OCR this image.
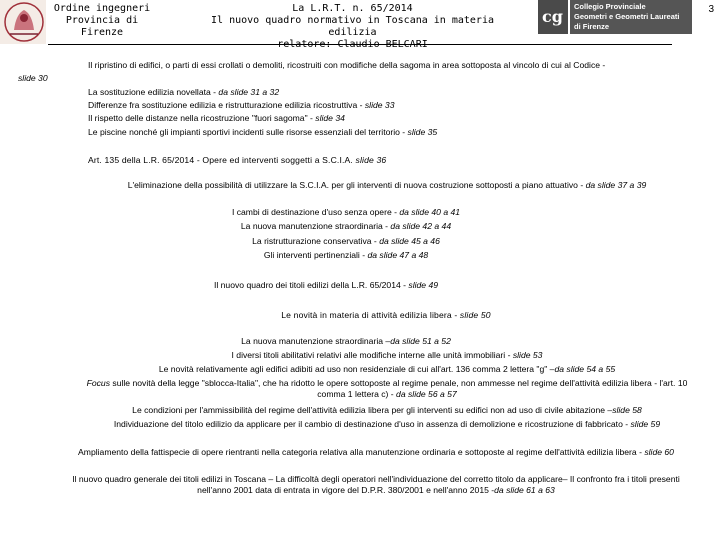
Ordine ingegneri
Provincia di
Firenze
La L.R.T. n. 65/2014
Il nuovo quadro normativo in Toscana in materia edilizia
cg
Collegio Provinciale
Geometri e Geometri Laureati
di Firenze
3
Il ripristino di edifici, o parti di essi crollati o demoliti, ricostruiti con modifiche della sagoma in area sottoposta al vincolo di cui al Codice -
slide 30
La sostituzione edilizia novellata - da slide 31 a 32
Differenze fra sostituzione edilizia e ristrutturazione edilizia ricostruttiva - slide 33
Il rispetto delle distanze nella ricostruzione "fuori sagoma" - slide 34
Le piscine nonché gli impianti sportivi incidenti sulle risorse essenziali del territorio - slide 35
Art. 135 della L.R. 65/2014 - Opere ed interventi soggetti a S.C.I.A. slide 36
L'eliminazione della possibilità di utilizzare la S.C.I.A. per gli interventi di nuova costruzione sottoposti a piano attuativo - da slide 37 a 39
I cambi di destinazione d'uso senza opere - da slide 40 a 41
La nuova manutenzione straordinaria - da slide 42 a 44
La ristrutturazione conservativa - da slide 45 a 46
Gli interventi pertinenziali - da slide 47 a 48
Il nuovo quadro dei titoli edilizi della L.R. 65/2014 - slide 49
Le novità in materia di attività edilizia libera - slide 50
La nuova manutenzione straordinaria –da slide 51 a 52
I diversi titoli abilitativi relativi alle modifiche interne alle unità immobiliari - slide 53
Le novità relativamente agli edifici adibiti ad uso non residenziale di cui all'art. 136 comma 2 lettera "g" –da slide 54 a 55
Focus sulle novità della legge "sblocca-Italia", che ha ridotto le opere sottoposte al regime penale, non ammesse nel regime dell'attività edilizia libera - l'art. 10 comma 1 lettera c) - da slide 56 a 57
Le condizioni per l'ammissibilità del regime dell'attività edilizia libera per gli interventi su edifici non ad uso di civile abitazione –slide 58
Individuazione del titolo edilizio da applicare per il cambio di destinazione d'uso in assenza di demolizione e ricostruzione di fabbricato - slide 59
Ampliamento della fattispecie di opere rientranti nella categoria relativa alla manutenzione ordinaria e sottoposte al regime dell'attività edilizia libera - slide 60
Il nuovo quadro generale dei titoli edilizi in Toscana – La difficoltà degli operatori nell'individuazione del corretto titolo da applicare– Il confronto fra i titoli presenti nell'anno 2001 data di entrata in vigore del D.P.R. 380/2001 e nell'anno 2015 -da slide 61 a 63
